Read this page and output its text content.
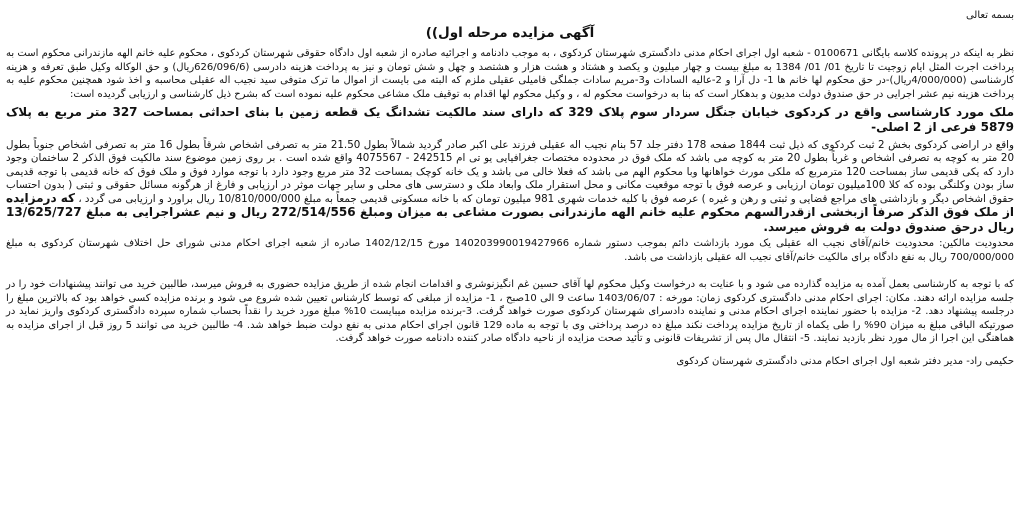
بسمه تعالی
آگهی مزایده مرحله اول))
نظر به اینکه در پرونده کلاسه بایگانی 0100671 - شعبه اول اجرای احکام مدنی دادگستری شهرستان کردکوی ، به موجب دادنامه و اجرائیه صادره از شعبه اول دادگاه حقوقی شهرستان کردکوی ، محکوم علیه خانم الهه مازندرانی محکوم است به پرداخت اجرت المثل ایام زوجیت تا تاریخ 01/ 01/ 1384 به مبلغ بیست و چهار میلیون و یکصد و هشتاد و هشت هزار و هشتصد و چهل و شش تومان و نیز به پرداخت هزینه دادرسی (626/096/6ریال) و حق الوکاله وکیل طبق تعرفه و هزینه کارشناسی (4/000/000ریال)-در حق محکوم لها خانم ها 1- دل آرا و 2-عالیه السادات و3-مریم سادات جملگی فامیلی عقیلی ملزم که البته می بایست از اموال ما ترک متوفی سید نجیب اله عقیلی محاسبه و اخذ شود همچنین محکوم علیه به پرداخت هزینه نیم عشر اجرایی در حق صندوق دولت مدیون و بدهکار است که بنا به درخواست محکوم له ، و وکیل محکوم لها اقدام به توقیف ملک مشاعی محکوم علیه نموده است که بشرح ذیل کارشناسی و ارزیابی گردیده است:
ملک مورد کارشناسی واقع در کردکوی خیابان جنگل سردار سوم پلاک 329 که دارای سند مالکیت تشدانگ یک قطعه زمین با بنای احداثی بمساحت 327 متر مربع به پلاک 5879 فرعی از 2 اصلی-
واقع در اراضی کردکوی بخش 2 ثبت کردکوی که ذیل ثبت 1844 صفحه 178 دفتر جلد 57 بنام نجیب اله عقیلی فرزند علی اکبر صادر گردید شمالاً بطول 21.50 متر به تصرفی اشخاص شرقاً بطول 16 متر به تصرفی اشخاص جنوباً بطول 20 متر به کوچه به تصرفی اشخاص و غرباً بطول 20 متر به کوچه می باشد که ملک فوق در محدوده مختصات جغرافیایی یو تی ام 242515 - 4075567 واقع شده است . بر روی زمین موضوع سند مالکیت فوق الذکر 2 ساختمان وجود دارد که یکی قدیمی ساز بمساحت 120 مترمربع که ملکی مورث خواهانها وبا محکوم الهم می باشد که فعلا خالی می باشد و یک خانه کوچک بمساحت 32 متر مربع وجود دارد با توجه موارد فوق و ملک فوق که خانه قدیمی با توجه قدیمی ساز بودن وکلنگی بوده که کلا 100میلیون تومان ارزیابی و عرصه فوق با توجه موقعیت مکانی و محل استقرار ملک وابعاد ملک و دسترسی های محلی و سایر جهات موثر در ارزیابی و فارغ از هرگونه مسائل حقوقی و ثبتی ( بدون احتساب حقوق اشخاص دیگر و بازداشتی های مراجع قضایی و ثبتی و رهن و غیره ) عرصه فوق با کلیه خدمات شهری 981 میلیون تومان که با خانه مسکونی قدیمی جمعاً به مبلغ 10/810/000/000 ریال براورد و ارزیابی می گردد ، که درمزایده از ملک فوق الذکر صرفاً ازبخشی ازقدرالسهم محکوم علیه خانم الهه مازندرانی بصورت مشاعی به میزان ومبلغ 272/514/556 ریال و نیم عشراجرایی به مبلغ 13/625/727 ریال درحق صندوق دولت به فروش میرسد.
محدودیت مالکین: محدودیت خانم/آقای نجیب اله عقیلی یک مورد بازداشت دائم بموجب دستور شماره 140203990019427966 مورخ 1402/12/15 صادره از شعبه اجرای احکام مدنی شورای حل اختلاف شهرستان کردکوی به مبلغ 700/000/000 ریال به نفع دادگاه برای مالکیت خانم/آقای نجیب اله عقیلی بازداشت می باشد.
که با توجه به کارشناسی بعمل آمده به مزایده گذارده می شود و با عنایت به درخواست وکیل محکوم لها آقای حسین غم انگیزنوشری و اقدامات انجام شده از طریق مزایده حضوری به فروش میرسد، طالبین خرید می توانند پیشنهادات خود را در جلسه مزایده ارائه دهند. مکان: اجرای احکام مدنی دادگستری کردکوی زمان: مورخه : 1403/06/07 ساعت 9 الی 10صبح ، 1- مزایده از مبلغی که توسط کارشناس تعیین شده شروع می شود و برنده مزایده کسی خواهد بود که بالاترین مبلغ را درجلسه پیشنهاد دهد. 2- مزایده با حضور نماینده اجرای احکام مدنی و نماینده دادسرای شهرستان کردکوی صورت خواهد گرفت. 3-برنده مزایده میبایست 10% مبلغ مورد خرید را نقداً بحساب شماره سپرده دادگستری کردکوی واریز نماید در صورتیکه الباقی مبلغ به میزان 90% را طی یکماه از تاریخ مزایده پرداخت نکند مبلغ ده درصد پرداختی وی با توجه به ماده 129 قانون اجرای احکام مدنی به نفع دولت ضبط خواهد شد. 4- طالبین خرید می توانند 5 روز قبل از اجرای مزایده به هماهنگی این اجرا از مال مورد نظر بازدید نمایند. 5- انتقال مال پس از تشریفات قانونی و تأئید صحت مزایده از ناحیه دادگاه صادر کننده دادنامه صورت خواهد گرفت.
حکیمی راد- مدیر دفتر شعبه اول اجرای احکام مدنی دادگستری شهرستان کردکوی
